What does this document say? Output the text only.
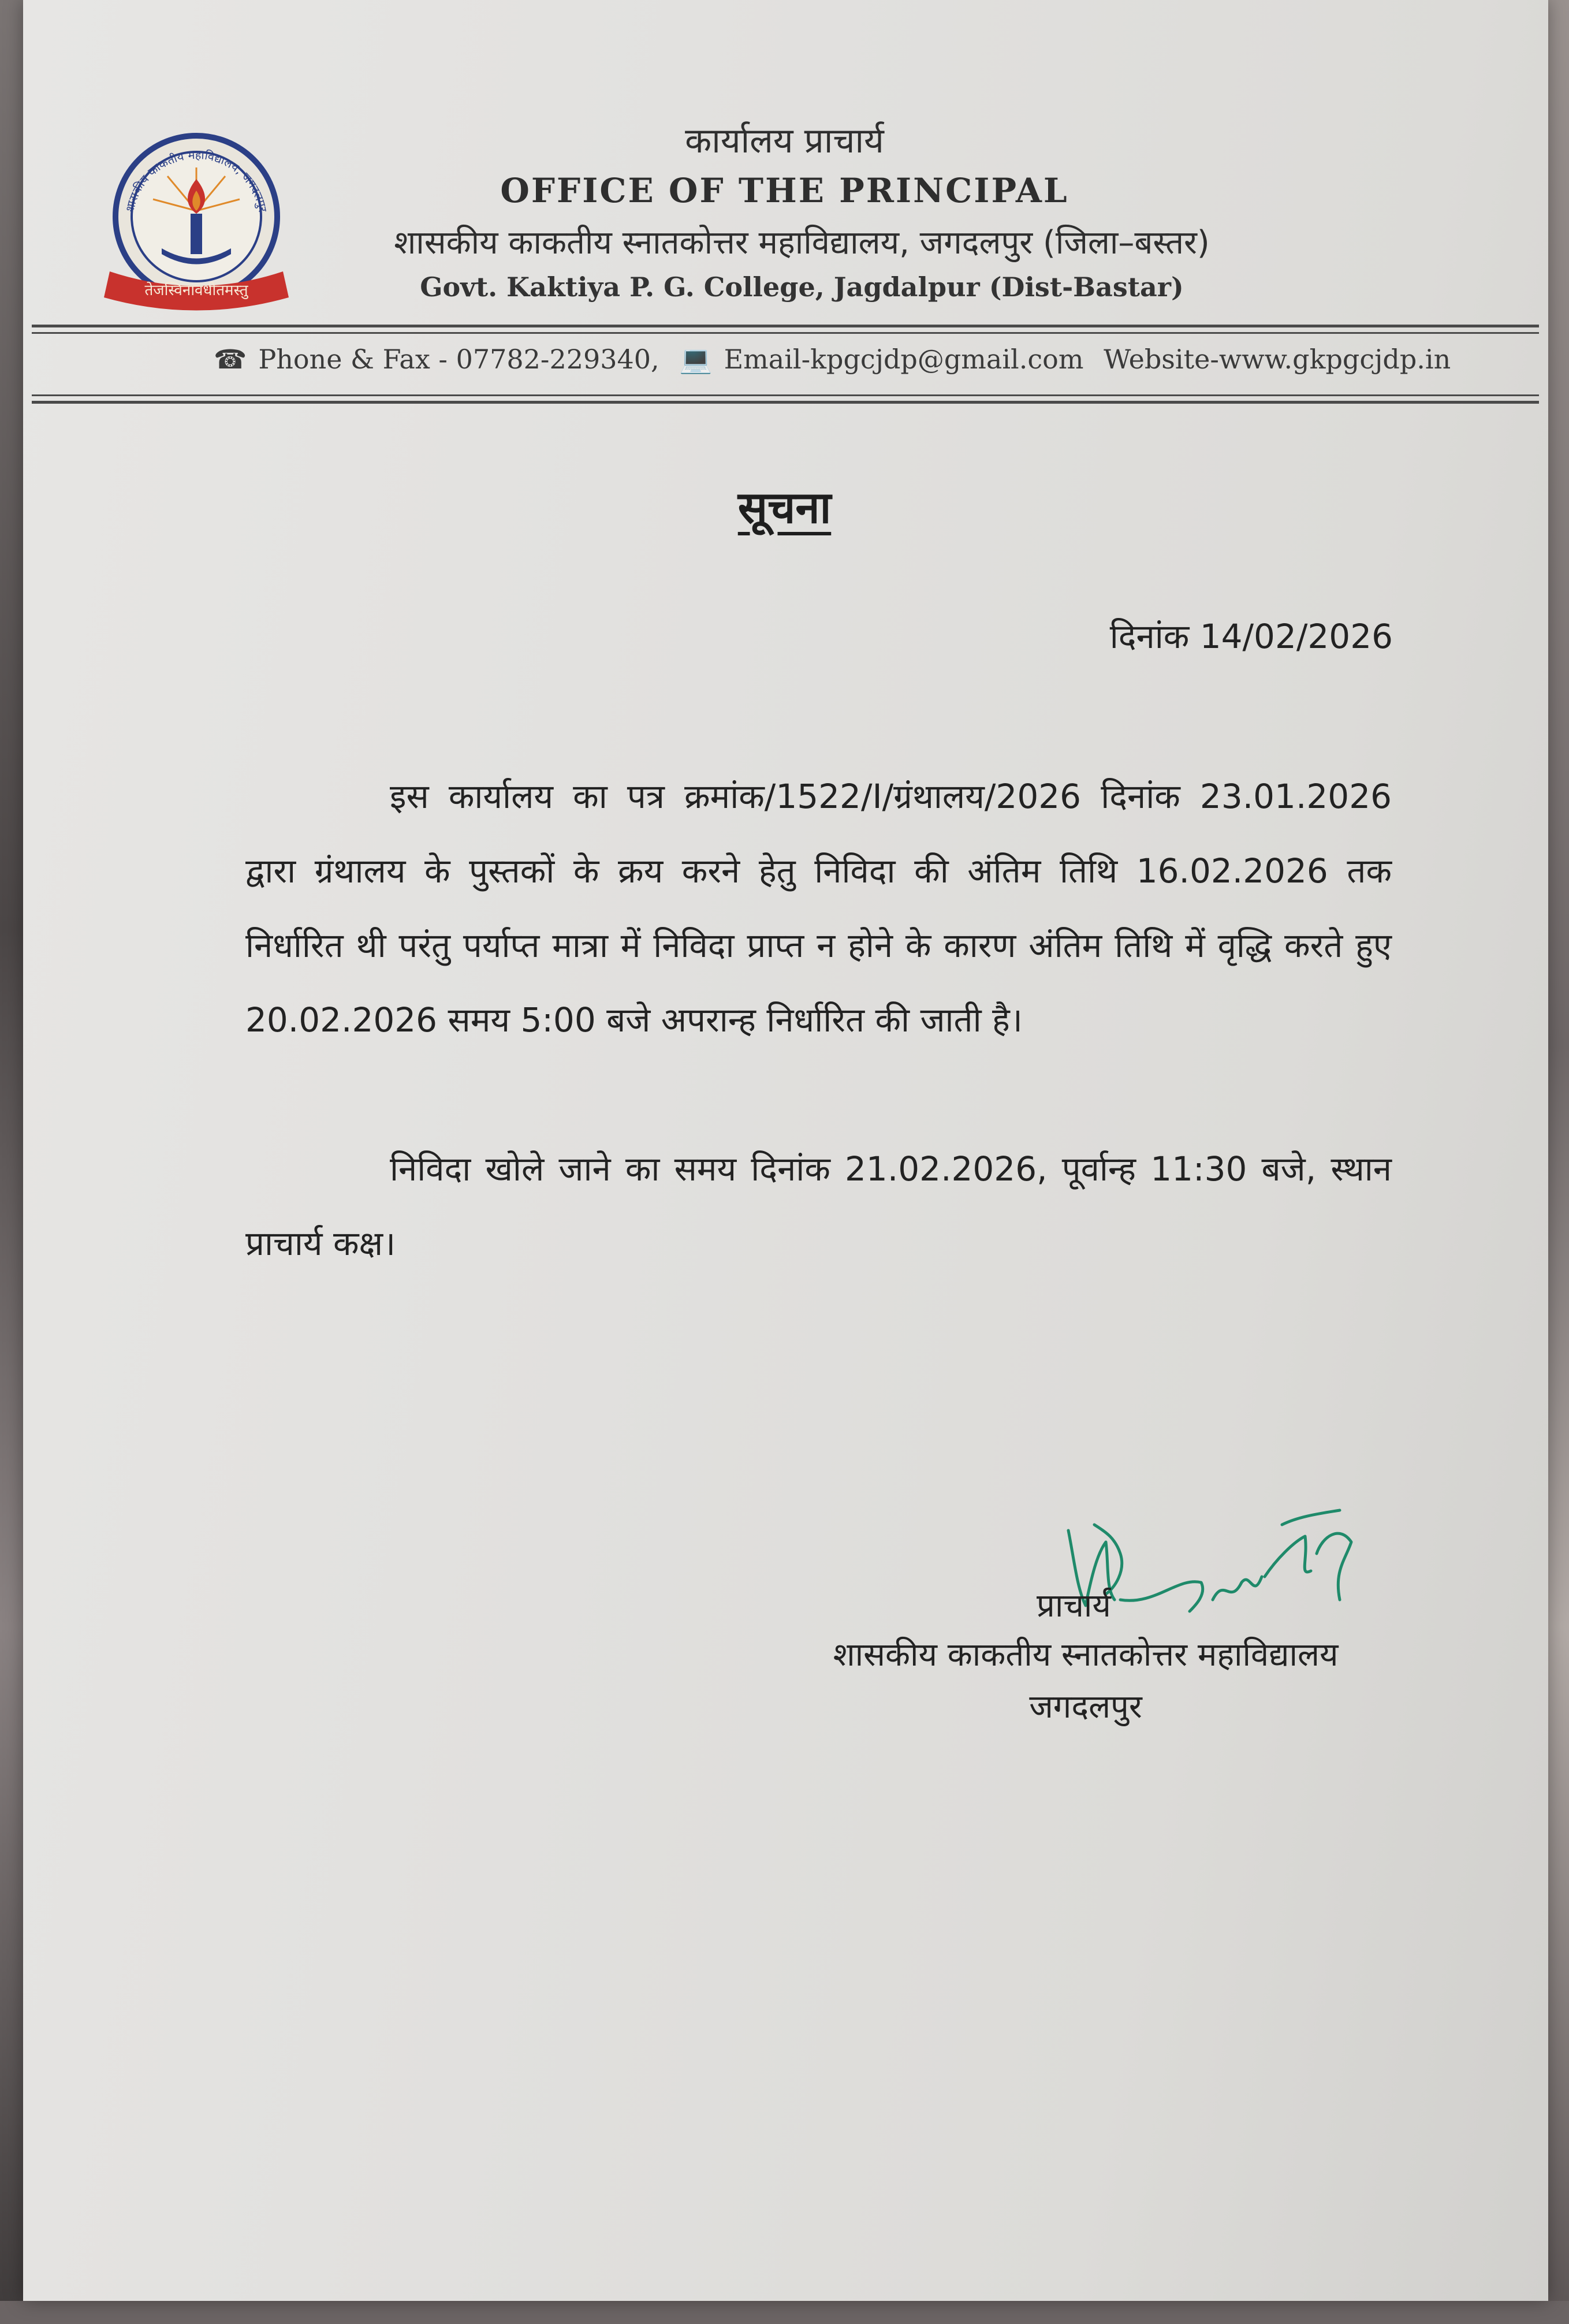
शासकीय काकतीय महाविद्यालय, जगदलपुर
तेजस्विनावधीतमस्तु
कार्यालय प्राचार्य
OFFICE OF THE PRINCIPAL
शासकीय काकतीय स्नातकोत्तर महाविद्यालय, जगदलपुर (जिला–बस्तर)
Govt. Kaktiya P. G. College, Jagdalpur (Dist-Bastar)
☎ Phone & Fax - 07782-229340, 💻 Email-kpgcjdp@gmail.com Website-www.gkpgcjdp.in
सूचना
दिनांक 14/02/2026
इस कार्यालय का पत्र क्रमांक/1522/I/ग्रंथालय/2026 दिनांक 23.01.2026 द्वारा ग्रंथालय के पुस्तकों के क्रय करने हेतु निविदा की अंतिम तिथि 16.02.2026 तक निर्धारित थी परंतु पर्याप्त मात्रा में निविदा प्राप्त न होने के कारण अंतिम तिथि में वृद्धि करते हुए 20.02.2026 समय 5:00 बजे अपरान्ह निर्धारित की जाती है।
निविदा खोले जाने का समय दिनांक 21.02.2026, पूर्वान्ह 11:30 बजे, स्थान प्राचार्य कक्ष।
प्राचार्य
शासकीय काकतीय स्नातकोत्तर महाविद्यालय
जगदलपुर
